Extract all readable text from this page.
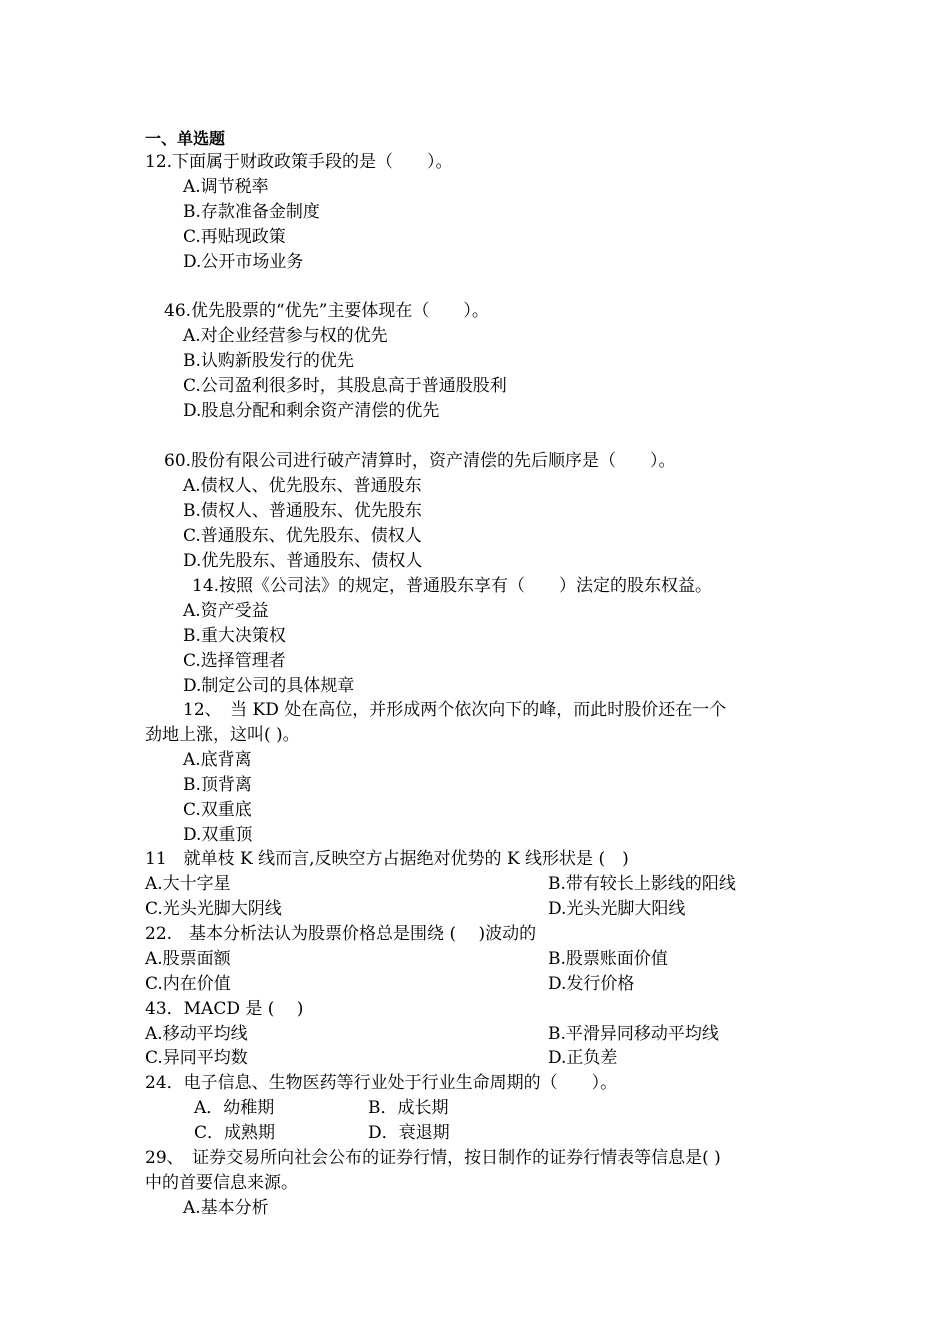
一、单选题
12.下面属于财政政策手段的是（　　）。
A.调节税率
B.存款准备金制度
C.再贴现政策
D.公开市场业务
46.优先股票的“优先”主要体现在（　　）。
A.对企业经营参与权的优先
B.认购新股发行的优先
C.公司盈利很多时，其股息高于普通股股利
D.股息分配和剩余资产清偿的优先
60.股份有限公司进行破产清算时，资产清偿的先后顺序是（　　）。
A.债权人、优先股东、普通股东
B.债权人、普通股东、优先股东
C.普通股东、优先股东、债权人
D.优先股东、普通股东、债权人
14.按照《公司法》的规定，普通股东享有（　　）法定的股东权益。
A.资产受益
B.重大决策权
C.选择管理者
D.制定公司的具体规章
12、　当 KD 处在高位，并形成两个依次向下的峰，而此时股价还在一个
劲地上涨，这叫( )。
A.底背离
B.顶背离
C.双重底
D.双重顶
11　就单枝 K 线而言,反映空方占据绝对优势的 K 线形状是 (　)
A.大十字星	B.带有较长上影线的阳线
C.光头光脚大阴线	D.光头光脚大阳线
22.　基本分析法认为股票价格总是围绕 (　 )波动的
A.股票面额	B.股票账面价值
C.内在价值	D.发行价格
43．MACD 是 (　 )
A.移动平均线	B.平滑异同移动平均线
C.异同平均数	D.正负差
24．电子信息、生物医药等行业处于行业生命周期的（　　）。
A．幼稚期	B．成长期
C．成熟期	D．衰退期
29、　证券交易所向社会公布的证券行情，按日制作的证券行情表等信息是( )
中的首要信息来源。
A.基本分析
